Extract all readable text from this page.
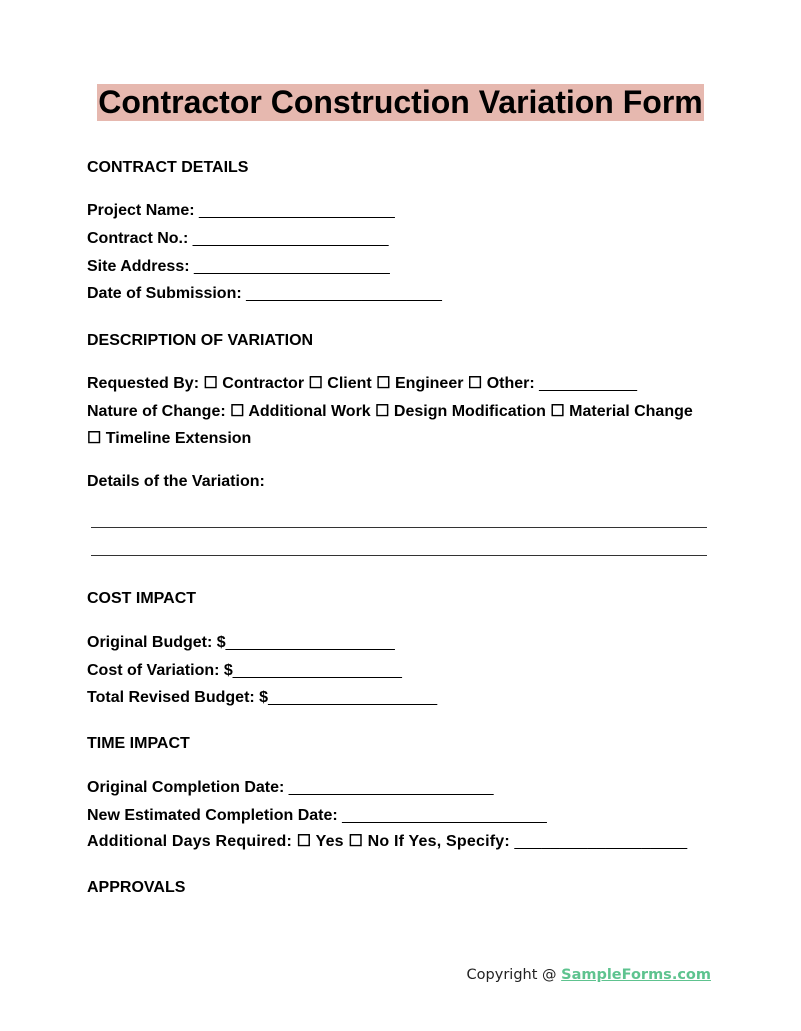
Contractor Construction Variation Form
CONTRACT DETAILS
Project Name: ______________________
Contract No.: ______________________
Site Address: ______________________
Date of Submission: ______________________
DESCRIPTION OF VARIATION
Requested By: ☐ Contractor ☐ Client ☐ Engineer ☐ Other: ___________
Nature of Change: ☐ Additional Work ☐ Design Modification ☐ Material Change
☐ Timeline Extension
Details of the Variation:
COST IMPACT
Original Budget: $___________________
Cost of Variation: $___________________
Total Revised Budget: $___________________
TIME IMPACT
Original Completion Date: _______________________
New Estimated Completion Date: _______________________
Additional Days Required: ☐ Yes ☐ No If Yes, Specify: ___________________
APPROVALS
Copyright @ SampleForms.com
